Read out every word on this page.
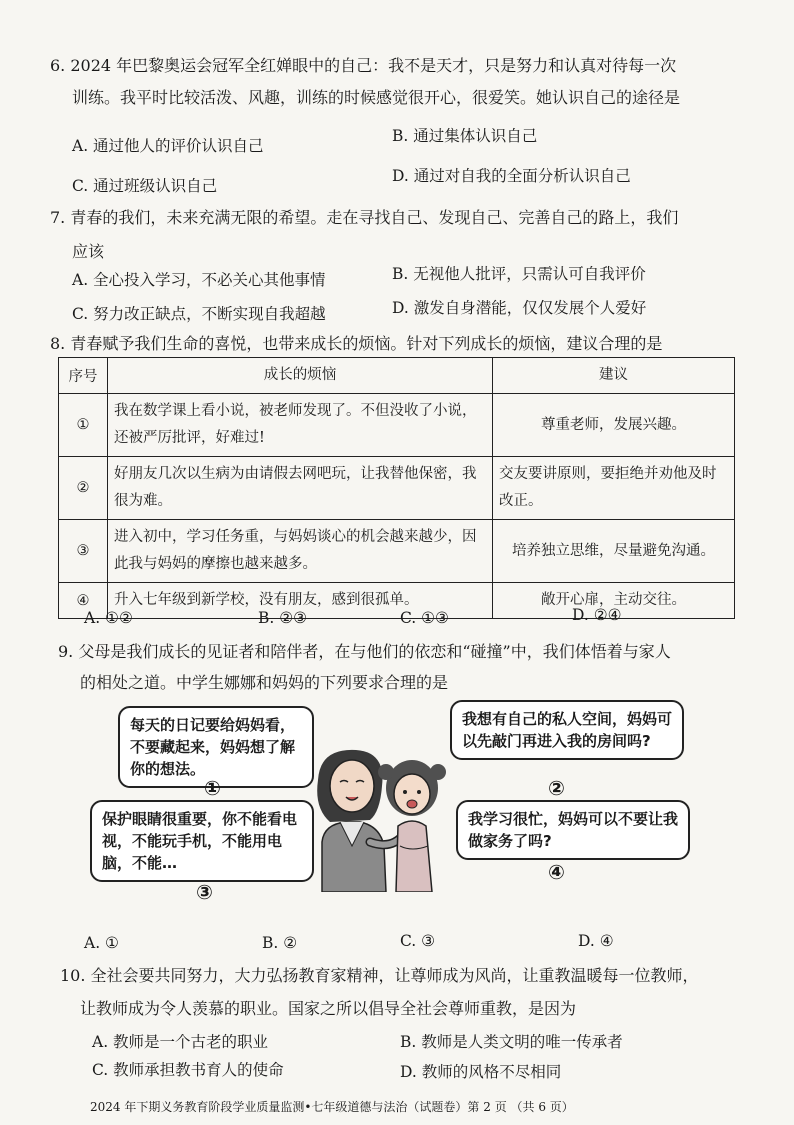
6. 2024 年巴黎奥运会冠军全红婵眼中的自己：我不是天才，只是努力和认真对待每一次
训练。我平时比较活泼、风趣，训练的时候感觉很开心，很爱笑。她认识自己的途径是
A. 通过他人的评价认识自己
B. 通过集体认识自己
C. 通过班级认识自己
D. 通过对自我的全面分析认识自己
7. 青春的我们，未来充满无限的希望。走在寻找自己、发现自己、完善自己的路上，我们
应该
A. 全心投入学习，不必关心其他事情	B. 无视他人批评，只需认可自我评价
C. 努力改正缺点，不断实现自我超越	D. 激发自身潜能，仅仅发展个人爱好
8. 青春赋予我们生命的喜悦，也带来成长的烦恼。针对下列成长的烦恼，建议合理的是
序号	成长的烦恼	建议
①	我在数学课上看小说，被老师发现了。不但没收了小说，还被严厉批评，好难过!	尊重老师，发展兴趣。
②	好朋友几次以生病为由请假去网吧玩，让我替他保密，我很为难。	交友要讲原则，要拒绝并劝他及时改正。
③	进入初中，学习任务重，与妈妈谈心的机会越来越少，因此我与妈妈的摩擦也越来越多。	培养独立思维，尽量避免沟通。
④	升入七年级到新学校，没有朋友，感到很孤单。	敞开心扉，主动交往。
A. ①②	B. ②③	C. ①③	D. ②④
9. 父母是我们成长的见证者和陪伴者，在与他们的依恋和“碰撞”中，我们体悟着与家人
的相处之道。中学生娜娜和妈妈的下列要求合理的是
每天的日记要给妈妈看，不要藏起来，妈妈想了解你的想法。
①
我想有自己的私人空间，妈妈可以先敲门再进入我的房间吗?
②
保护眼睛很重要，你不能看电视，不能玩手机，不能用电脑，不能…
③
我学习很忙，妈妈可以不要让我做家务了吗?
④
A. ①	B. ②	C. ③	D. ④
10. 全社会要共同努力，大力弘扬教育家精神，让尊师成为风尚，让重教温暖每一位教师，
让教师成为令人羡慕的职业。国家之所以倡导全社会尊师重教，是因为
A. 教师是一个古老的职业	B. 教师是人类文明的唯一传承者
C. 教师承担教书育人的使命	D. 教师的风格不尽相同
2024 年下期义务教育阶段学业质量监测•七年级道德与法治（试题卷）第 2 页 （共 6 页）
